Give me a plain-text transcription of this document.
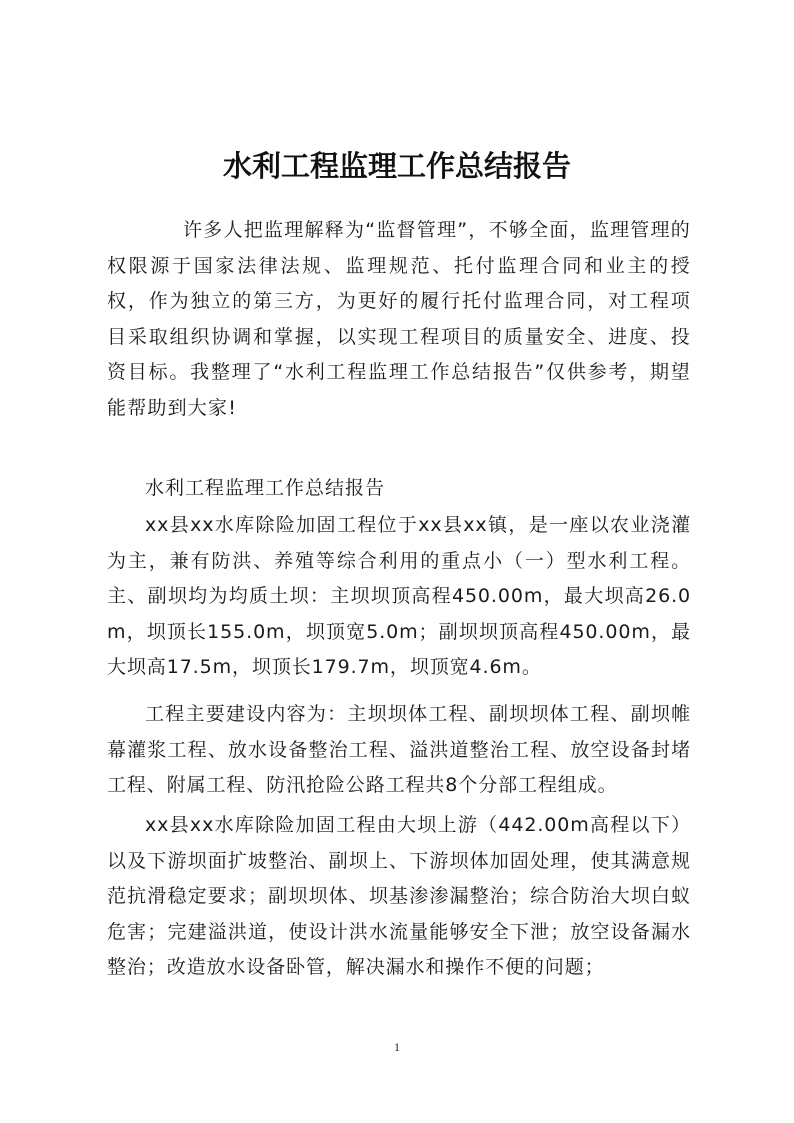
水利工程监理工作总结报告

许多人把监理解释为“监督管理”，不够全面，监理管理的权限源于国家法律法规、监理规范、托付监理合同和业主的授权，作为独立的第三方，为更好的履行托付监理合同，对工程项目采取组织协调和掌握，以实现工程项目的质量安全、进度、投资目标。我整理了“水利工程监理工作总结报告”仅供参考，期望能帮助到大家!

水利工程监理工作总结报告

xx县xx水库除险加固工程位于xx县xx镇，是一座以农业浇灌为主，兼有防洪、养殖等综合利用的重点小（一）型水利工程。主、副坝均为均质土坝：主坝坝顶高程450.00m，最大坝高26.0m，坝顶长155.0m，坝顶宽5.0m；副坝坝顶高程450.00m，最大坝高17.5m，坝顶长179.7m，坝顶宽4.6m。

工程主要建设内容为：主坝坝体工程、副坝坝体工程、副坝帷幕灌浆工程、放水设备整治工程、溢洪道整治工程、放空设备封堵工程、附属工程、防汛抢险公路工程共8个分部工程组成。

xx县xx水库除险加固工程由大坝上游（442.00m高程以下）以及下游坝面扩坡整治、副坝上、下游坝体加固处理，使其满意规范抗滑稳定要求；副坝坝体、坝基渗渗漏整治；综合防治大坝白蚁危害；完建溢洪道，使设计洪水流量能够安全下泄；放空设备漏水整治；改造放水设备卧管，解决漏水和操作不便的问题；

1
